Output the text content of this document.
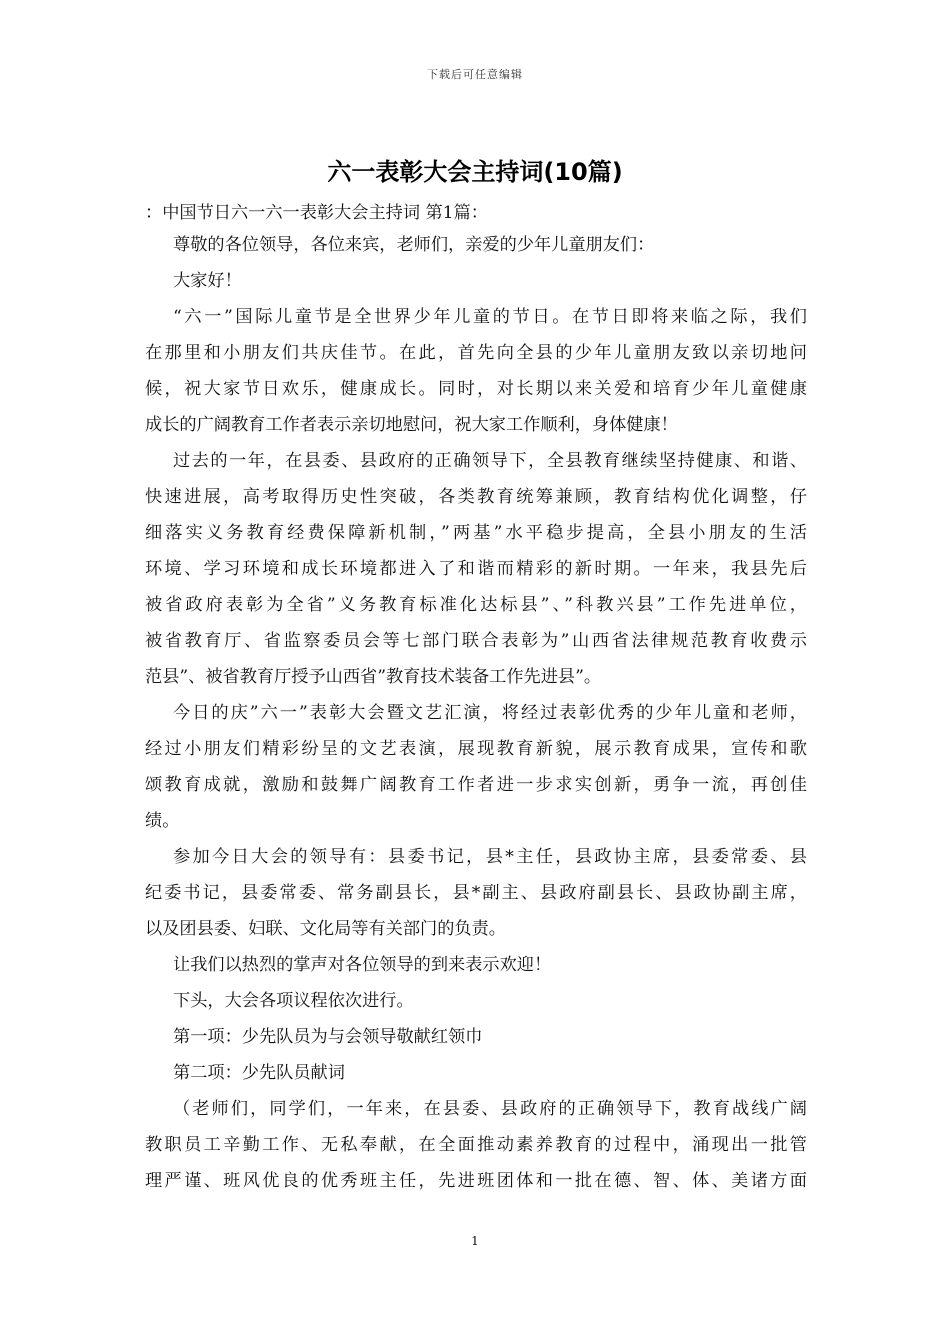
下载后可任意编辑
六一表彰大会主持词(10篇)
：中国节日六一六一表彰大会主持词 第1篇：
尊敬的各位领导，各位来宾，老师们，亲爱的少年儿童朋友们：
大家好！
“六一”国际儿童节是全世界少年儿童的节日。在节日即将来临之际，我们
在那里和小朋友们共庆佳节。在此，首先向全县的少年儿童朋友致以亲切地问
候，祝大家节日欢乐，健康成长。同时，对长期以来关爱和培育少年儿童健康
成长的广阔教育工作者表示亲切地慰问，祝大家工作顺利，身体健康！
过去的一年，在县委、县政府的正确领导下，全县教育继续坚持健康、和谐、
快速进展，高考取得历史性突破，各类教育统筹兼顾，教育结构优化调整，仔
细落实义务教育经费保障新机制，”两基”水平稳步提高，全县小朋友的生活
环境、学习环境和成长环境都进入了和谐而精彩的新时期。一年来，我县先后
被省政府表彰为全省”义务教育标准化达标县”、”科教兴县”工作先进单位，
被省教育厅、省监察委员会等七部门联合表彰为”山西省法律规范教育收费示
范县”、被省教育厅授予山西省”教育技术装备工作先进县”。
今日的庆”六一”表彰大会暨文艺汇演，将经过表彰优秀的少年儿童和老师，
经过小朋友们精彩纷呈的文艺表演，展现教育新貌，展示教育成果，宣传和歌
颂教育成就，激励和鼓舞广阔教育工作者进一步求实创新，勇争一流，再创佳
绩。
参加今日大会的领导有：县委书记，县*主任，县政协主席，县委常委、县
纪委书记，县委常委、常务副县长，县*副主、县政府副县长、县政协副主席，
以及团县委、妇联、文化局等有关部门的负责。
让我们以热烈的掌声对各位领导的到来表示欢迎！
下头，大会各项议程依次进行。
第一项：少先队员为与会领导敬献红领巾
第二项：少先队员献词
（老师们，同学们，一年来，在县委、县政府的正确领导下，教育战线广阔
教职员工辛勤工作、无私奉献，在全面推动素养教育的过程中，涌现出一批管
理严谨、班风优良的优秀班主任，先进班团体和一批在德、智、体、美诸方面
1
